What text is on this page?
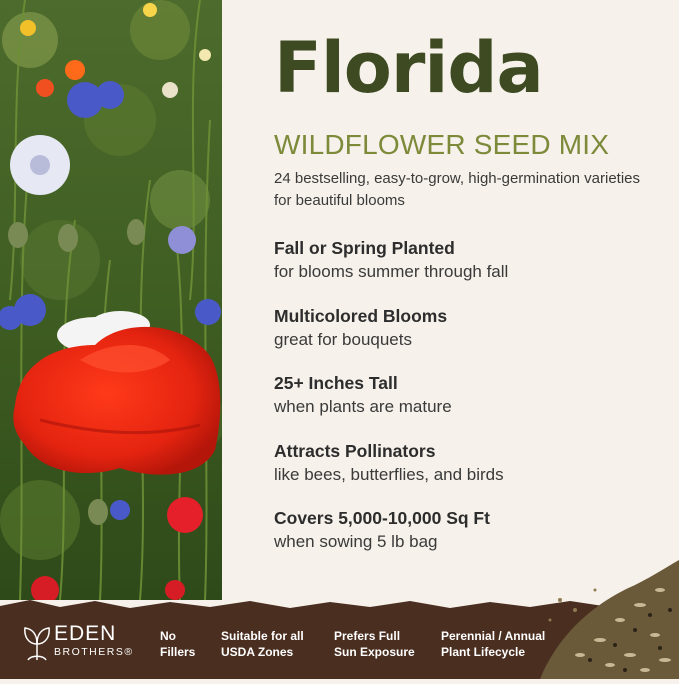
Florida
WILDFLOWER SEED MIX
24 bestselling, easy-to-grow, high-germination varieties for beautiful blooms
Fall or Spring Planted
for blooms summer through fall
Multicolored Blooms
great for bouquets
25+ Inches Tall
when plants are mature
Attracts Pollinators
like bees, butterflies, and birds
Covers 5,000-10,000 Sq Ft
when sowing 5 lb bag
EDEN
BROTHERS®
No
Fillers
Suitable for all
USDA Zones
Prefers Full
Sun Exposure
Perennial / Annual
Plant Lifecycle
